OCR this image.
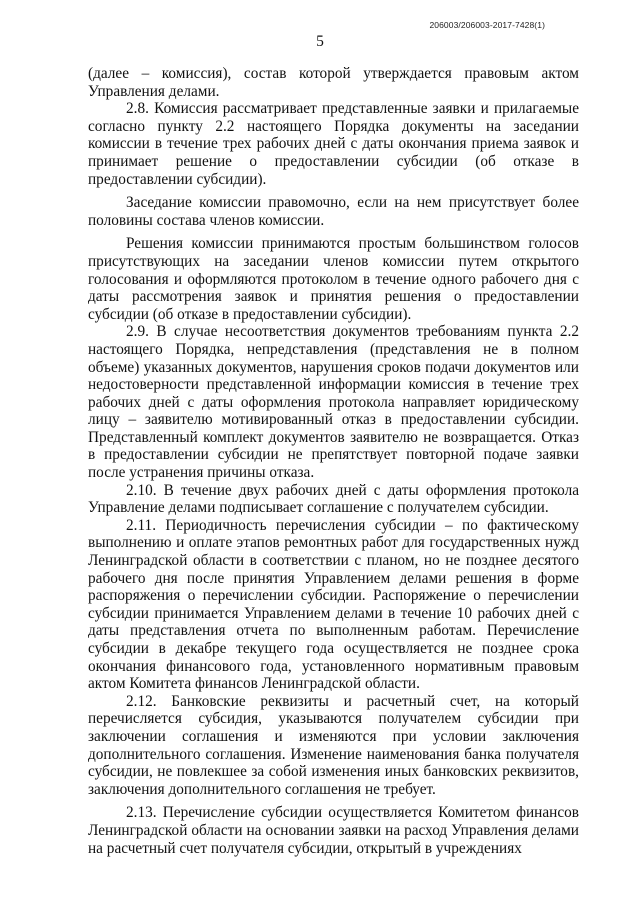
206003/206003-2017-7428(1)
5

(далее – комиссия), состав которой утверждается правовым актом Управления делами.

2.8. Комиссия рассматривает представленные заявки и прилагаемые согласно пункту 2.2 настоящего Порядка документы на заседании комиссии в течение трех рабочих дней с даты окончания приема заявок и принимает решение о предоставлении субсидии (об отказе в предоставлении субсидии).

Заседание комиссии правомочно, если на нем присутствует более половины состава членов комиссии.

Решения комиссии принимаются простым большинством голосов присутствующих на заседании членов комиссии путем открытого голосования и оформляются протоколом в течение одного рабочего дня с даты рассмотрения заявок и принятия решения о предоставлении субсидии (об отказе в предоставлении субсидии).

2.9. В случае несоответствия документов требованиям пункта 2.2 настоящего Порядка, непредставления (представления не в полном объеме) указанных документов, нарушения сроков подачи документов или недостоверности представленной информации комиссия в течение трех рабочих дней с даты оформления протокола направляет юридическому лицу – заявителю мотивированный отказ в предоставлении субсидии. Представленный комплект документов заявителю не возвращается. Отказ в предоставлении субсидии не препятствует повторной подаче заявки после устранения причины отказа.

2.10. В течение двух рабочих дней с даты оформления протокола Управление делами подписывает соглашение с получателем субсидии.

2.11. Периодичность перечисления субсидии – по фактическому выполнению и оплате этапов ремонтных работ для государственных нужд Ленинградской области в соответствии с планом, но не позднее десятого рабочего дня после принятия Управлением делами решения в форме распоряжения о перечислении субсидии. Распоряжение о перечислении субсидии принимается Управлением делами в течение 10 рабочих дней с даты представления отчета по выполненным работам. Перечисление субсидии в декабре текущего года осуществляется не позднее срока окончания финансового года, установленного нормативным правовым актом Комитета финансов Ленинградской области.

2.12. Банковские реквизиты и расчетный счет, на который перечисляется субсидия, указываются получателем субсидии при заключении соглашения и изменяются при условии заключения дополнительного соглашения. Изменение наименования банка получателя субсидии, не повлекшее за собой изменения иных банковских реквизитов, заключения дополнительного соглашения не требует.

2.13. Перечисление субсидии осуществляется Комитетом финансов Ленинградской области на основании заявки на расход Управления делами на расчетный счет получателя субсидии, открытый в учреждениях
